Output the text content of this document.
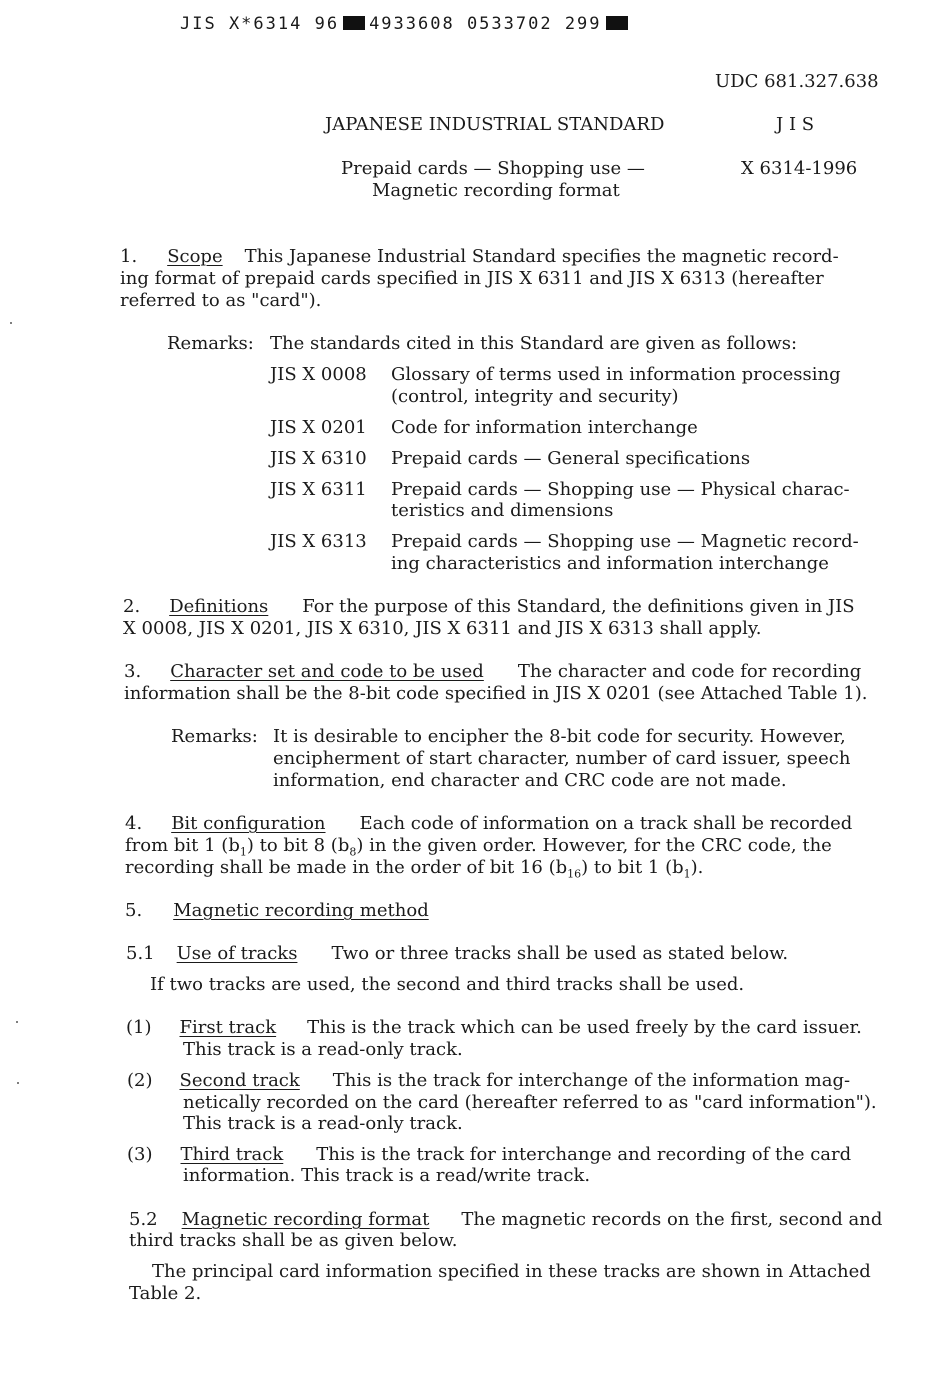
JIS X*6314 96 4933608 0533702 299
UDC 681.327.638
JAPANESE INDUSTRIAL STANDARD	J I S
Prepaid cards — Shopping use —
Magnetic recording format
X 6314-1996
1. Scope This Japanese Industrial Standard specifies the magnetic record-
ing format of prepaid cards specified in JIS X 6311 and JIS X 6313 (hereafter
referred to as "card").
Remarks: The standards cited in this Standard are given as follows:
JIS X 0008 Glossary of terms used in information processing
(control, integrity and security)
JIS X 0201 Code for information interchange
JIS X 6310 Prepaid cards — General specifications
JIS X 6311 Prepaid cards — Shopping use — Physical charac-
teristics and dimensions
JIS X 6313 Prepaid cards — Shopping use — Magnetic record-
ing characteristics and information interchange
2. Definitions For the purpose of this Standard, the definitions given in JIS
X 0008, JIS X 0201, JIS X 6310, JIS X 6311 and JIS X 6313 shall apply.
3. Character set and code to be used The character and code for recording
information shall be the 8-bit code specified in JIS X 0201 (see Attached Table 1).
Remarks: It is desirable to encipher the 8-bit code for security. However,
encipherment of start character, number of card issuer, speech
information, end character and CRC code are not made.
4. Bit configuration Each code of information on a track shall be recorded
from bit 1 $(b_1)$ to bit 8 $(b_8)$ in the given order. However, for the CRC code, the
recording shall be made in the order of bit 16 $(b_{16})$ to bit 1 $(b_1)$.
5. Magnetic recording method
5.1 Use of tracks Two or three tracks shall be used as stated below.
If two tracks are used, the second and third tracks shall be used.
(1) First track This is the track which can be used freely by the card issuer.
This track is a read-only track.
(2) Second track This is the track for interchange of the information mag-
netically recorded on the card (hereafter referred to as "card information").
This track is a read-only track.
(3) Third track This is the track for interchange and recording of the card
information. This track is a read/write track.
5.2 Magnetic recording format The magnetic records on the first, second and
third tracks shall be as given below.
The principal card information specified in these tracks are shown in Attached
Table 2.
